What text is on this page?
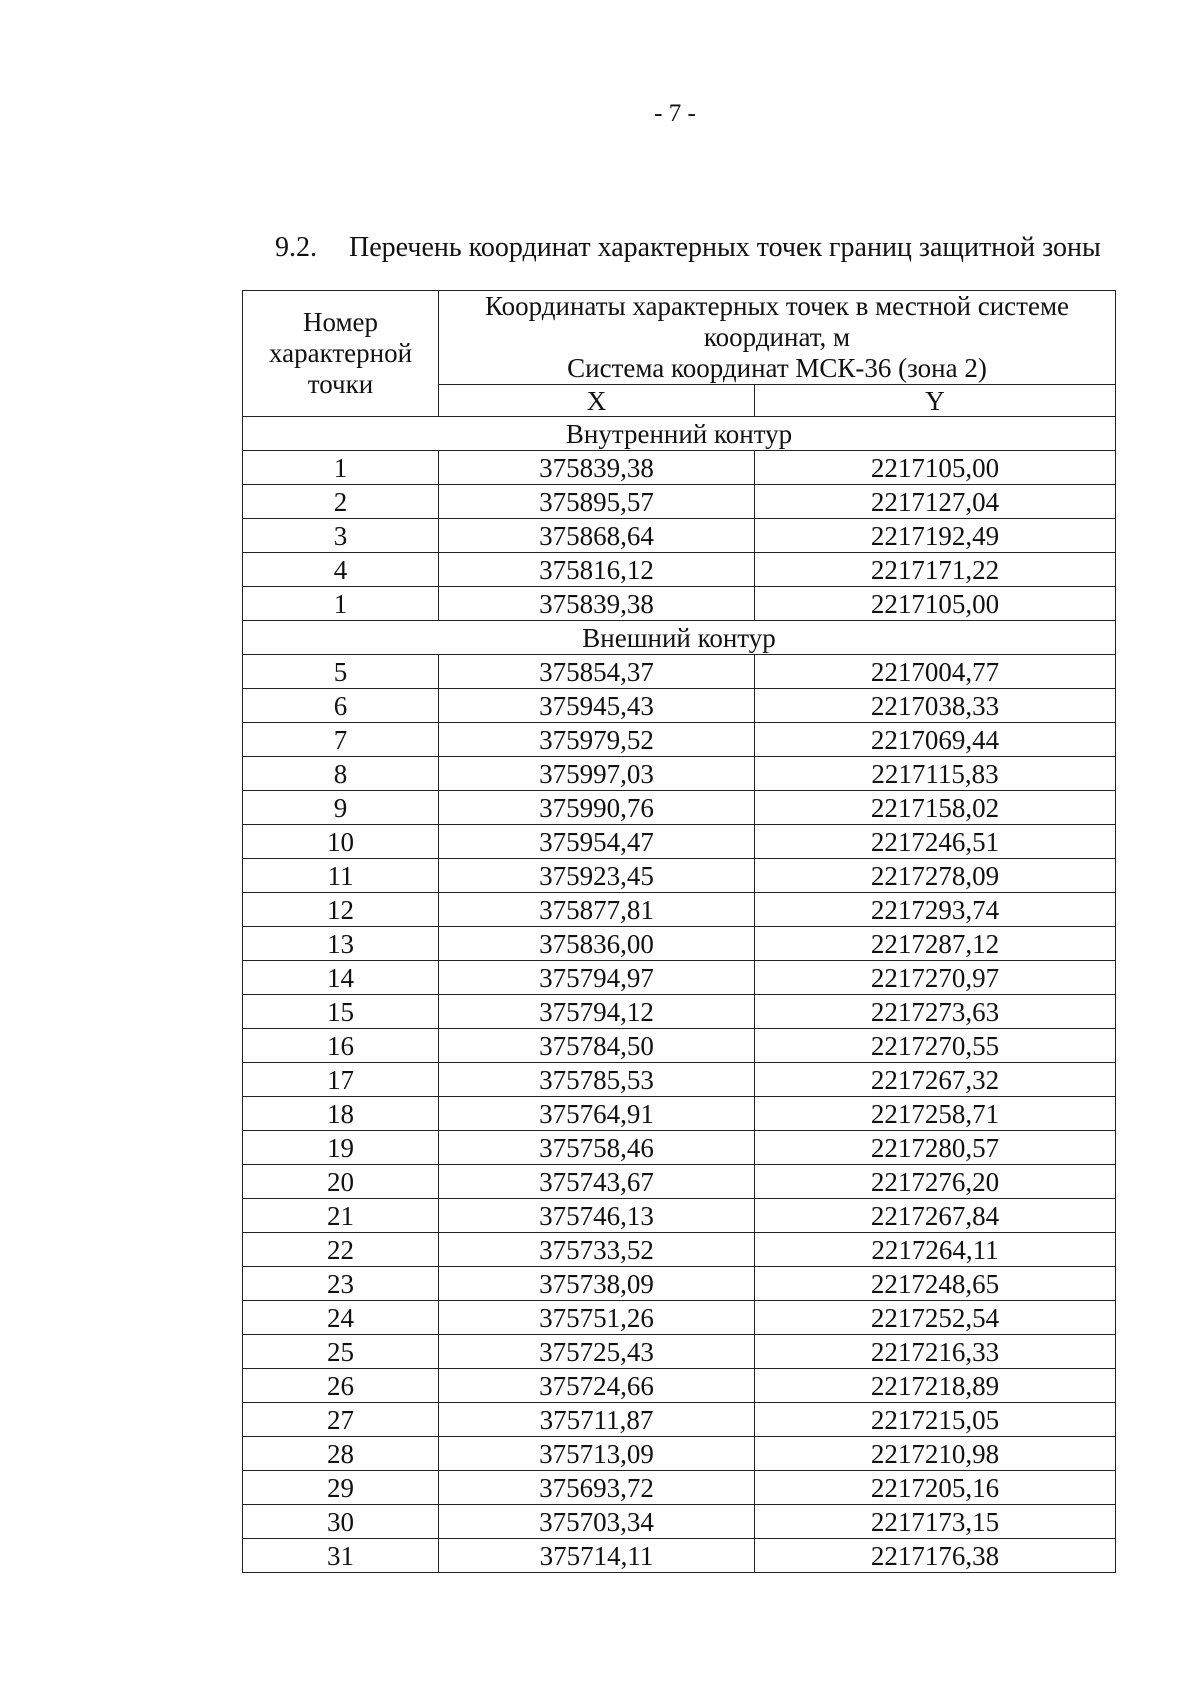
- 7 -
9.2. Перечень координат характерных точек границ защитной зоны
Номер характерной точки	Координаты характерных точек в местной системе
координат, м
Система координат МСК-36 (зона 2)	

	X	Y
Внутренний контур		
1	375839,38	2217105,00
2	375895,57	2217127,04
3	375868,64	2217192,49
4	375816,12	2217171,22
1	375839,38	2217105,00
Внешний контур		
5	375854,37	2217004,77
6	375945,43	2217038,33
7	375979,52	2217069,44
8	375997,03	2217115,83
9	375990,76	2217158,02
10	375954,47	2217246,51
11	375923,45	2217278,09
12	375877,81	2217293,74
13	375836,00	2217287,12
14	375794,97	2217270,97
15	375794,12	2217273,63
16	375784,50	2217270,55
17	375785,53	2217267,32
18	375764,91	2217258,71
19	375758,46	2217280,57
20	375743,67	2217276,20
21	375746,13	2217267,84
22	375733,52	2217264,11
23	375738,09	2217248,65
24	375751,26	2217252,54
25	375725,43	2217216,33
26	375724,66	2217218,89
27	375711,87	2217215,05
28	375713,09	2217210,98
29	375693,72	2217205,16
30	375703,34	2217173,15
31	375714,11	2217176,38
